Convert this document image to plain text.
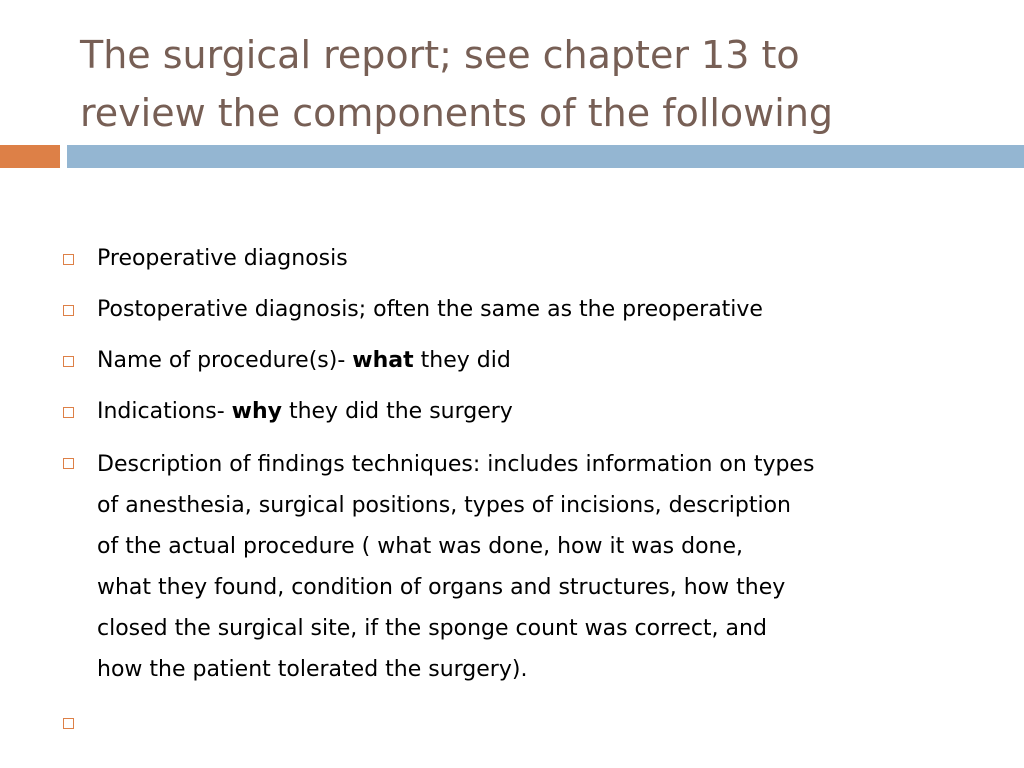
The surgical report; see chapter 13 to
review the components of the following
Preoperative diagnosis
Postoperative diagnosis; often the same as the preoperative
Name of procedure(s)- what they did
Indications- why they did the surgery
Description of findings techniques: includes information on types
of anesthesia, surgical positions, types of incisions, description
of the actual procedure ( what was done, how it was done,
what they found, condition of organs and structures, how they
closed the surgical site, if the sponge count was correct, and
how the patient tolerated the surgery).
